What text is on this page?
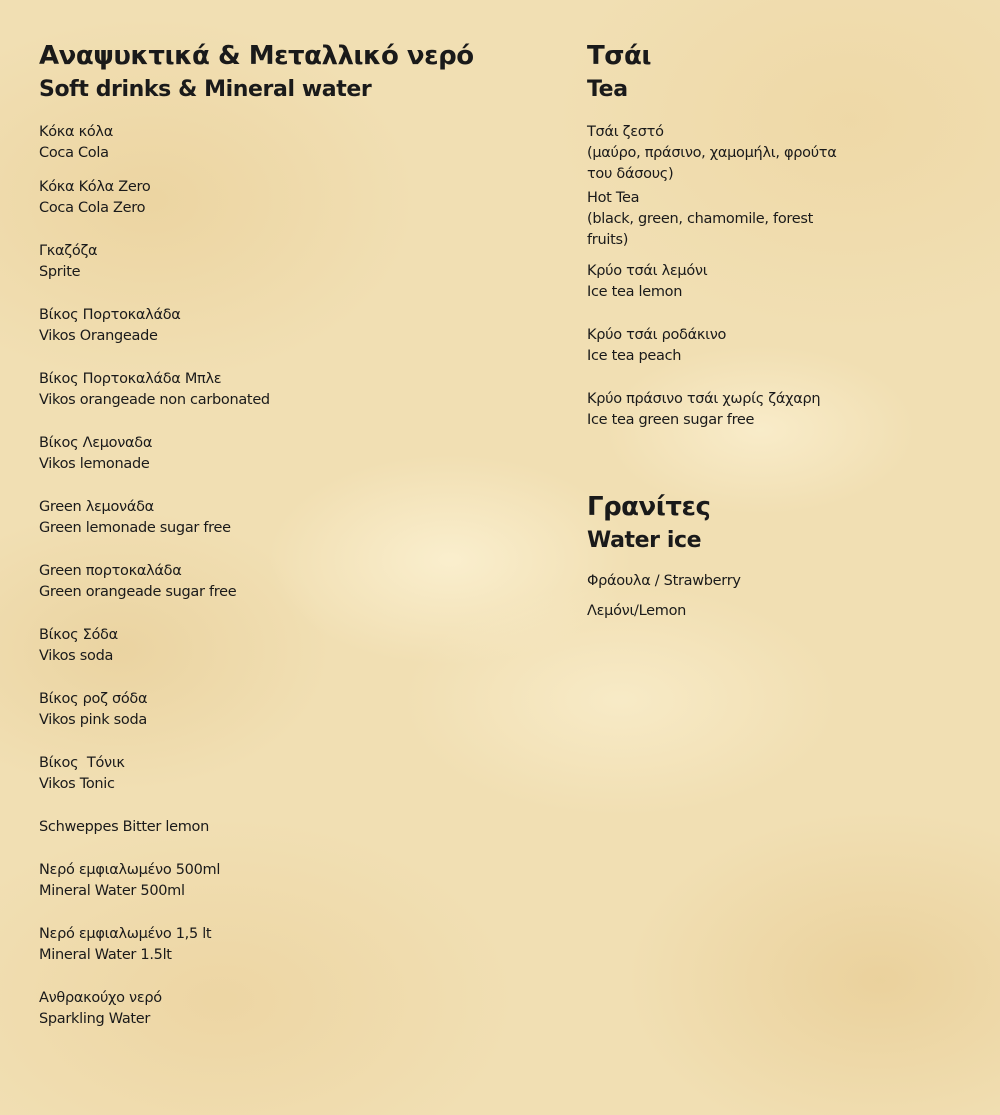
Αναψυκτικά & Μεταλλικό νερό
Soft drinks & Mineral water
Κόκα κόλα
Coca Cola
Κόκα Κόλα Zero
Coca Cola Zero
Γκαζόζα
Sprite
Βίκος Πορτοκαλάδα
Vikos Orangeade
Βίκος Πορτοκαλάδα Μπλε
Vikos orangeade non carbonated
Βίκος Λεμοναδα
Vikos lemonade
Green λεμονάδα
Green lemonade sugar free
Green πορτοκαλάδα
Green orangeade sugar free
Βίκος Σόδα
Vikos soda
Βίκος ροζ σόδα
Vikos pink soda
Βίκος  Τόνικ
Vikos Tonic
Schweppes Bitter lemon
Νερό εμφιαλωμένο 500ml
Mineral Water 500ml
Νερό εμφιαλωμένο 1,5 lt
Mineral Water 1.5lt
Ανθρακούχο νερό
Sparkling Water
Τσάι
Tea
Τσάι ζεστό
(μαύρο, πράσινο, χαμομήλι, φρούτα
του δάσους)
Hot Tea
(black, green, chamomile, forest
fruits)
Κρύο τσάι λεμόνι
Ice tea lemon
Κρύο τσάι ροδάκινο
Ice tea peach
Κρύο πράσινο τσάι χωρίς ζάχαρη
Ice tea green sugar free
Γρανίτες
Water ice
Φράουλα / Strawberry
Λεμόνι/Lemon
